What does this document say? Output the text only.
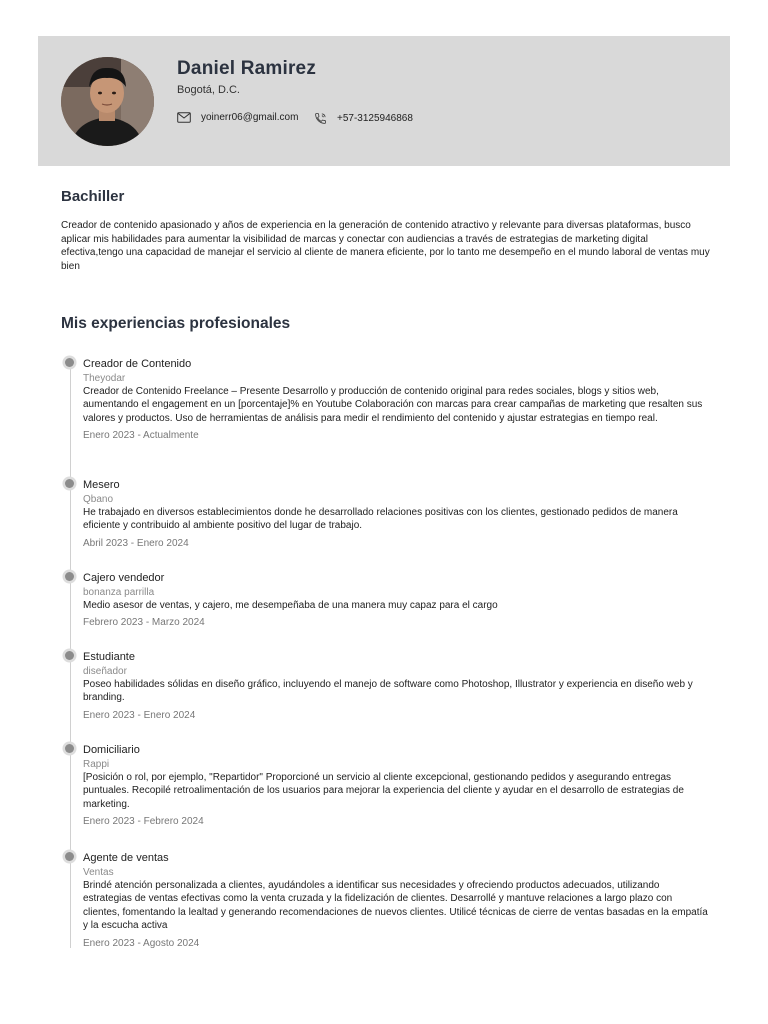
Daniel Ramirez
Bogotá, D.C.
yoinerr06@gmail.com	+57-3125946868
Bachiller

Creador de contenido apasionado y años de experiencia en la generación de contenido atractivo y relevante para diversas plataformas, busco aplicar mis habilidades para aumentar la visibilidad de marcas y conectar con audiencias a través de estrategias de marketing digital efectiva,tengo una capacidad de manejar el servicio al cliente de manera eficiente, por lo tanto me desempeño en el mundo laboral de ventas muy bien

Mis experiencias profesionales
Creador de Contenido
Theyodar
Creador de Contenido Freelance – Presente Desarrollo y producción de contenido original para redes sociales, blogs y sitios web, aumentando el engagement en un [porcentaje]% en Youtube Colaboración con marcas para crear campañas de marketing que resalten sus valores y productos. Uso de herramientas de análisis para medir el rendimiento del contenido y ajustar estrategias en tiempo real.
Enero 2023 - Actualmente
Mesero
Qbano
He trabajado en diversos establecimientos donde he desarrollado relaciones positivas con los clientes, gestionado pedidos de manera eficiente y contribuido al ambiente positivo del lugar de trabajo.
Abril 2023 - Enero 2024
Cajero vendedor
bonanza parrilla
Medio asesor de ventas, y cajero, me desempeñaba de una manera muy capaz para el cargo
Febrero 2023 - Marzo 2024
Estudiante
diseñador
Poseo habilidades sólidas en diseño gráfico, incluyendo el manejo de software como Photoshop, Illustrator y experiencia en diseño web y branding.
Enero 2023 - Enero 2024
Domiciliario
Rappi
[Posición o rol, por ejemplo, "Repartidor" Proporcioné un servicio al cliente excepcional, gestionando pedidos y asegurando entregas puntuales. Recopilé retroalimentación de los usuarios para mejorar la experiencia del cliente y ayudar en el desarrollo de estrategias de marketing.
Enero 2023 - Febrero 2024
Agente de ventas
Ventas
Brindé atención personalizada a clientes, ayudándoles a identificar sus necesidades y ofreciendo productos adecuados, utilizando estrategias de ventas efectivas como la venta cruzada y la fidelización de clientes. Desarrollé y mantuve relaciones a largo plazo con clientes, fomentando la lealtad y generando recomendaciones de nuevos clientes. Utilicé técnicas de cierre de ventas basadas en la empatía y la escucha activa
Enero 2023 - Agosto 2024
